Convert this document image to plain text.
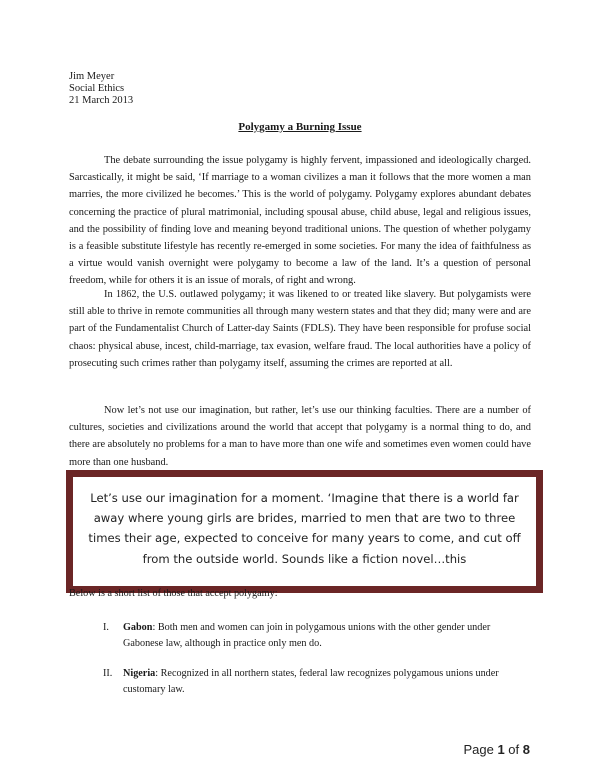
Jim Meyer
Social Ethics
21 March 2013
Polygamy a Burning Issue

The debate surrounding the issue polygamy is highly fervent, impassioned and ideologically charged. Sarcastically, it might be said, ‘If marriage to a woman civilizes a man it follows that the more women a man marries, the more civilized he becomes.’ This is the world of polygamy. Polygamy explores abundant debates concerning the practice of plural matrimonial, including spousal abuse, child abuse, legal and religious issues, and the possibility of finding love and meaning beyond traditional unions. The question of whether polygamy is a feasible substitute lifestyle has recently re-emerged in some societies. For many the idea of faithfulness as a virtue would vanish overnight were polygamy to become a law of the land. It’s a question of personal freedom, while for others it is an issue of morals, of right and wrong.

In 1862, the U.S. outlawed polygamy; it was likened to or treated like slavery. But polygamists were still able to thrive in remote communities all through many western states and that they did; many were and are part of the Fundamentalist Church of Latter-day Saints (FDLS). They have been responsible for profuse social chaos: physical abuse, incest, child-marriage, tax evasion, welfare fraud. The local authorities have a policy of prosecuting such crimes rather than polygamy itself, assuming the crimes are reported at all.

Now let’s not use our imagination, but rather, let’s use our thinking faculties. There are a number of cultures, societies and civilizations around the world that accept that polygamy is a normal thing to do, and there are absolutely no problems for a man to have more than one wife and sometimes even women could have more than one husband.

Let’s use our imagination for a moment. ‘Imagine that there is a world far away where young girls are brides, married to men that are two to three times their age, expected to conceive for many years to come, and cut off from the outside world. Sounds like a fiction novel…this
Below is a short list of those that accept polygamy:
I.	Gabon: Both men and women can join in polygamous unions with the other gender under Gabonese law, although in practice only men do.
II.	Nigeria: Recognized in all northern states, federal law recognizes polygamous unions under customary law.
Page 1 of 8
